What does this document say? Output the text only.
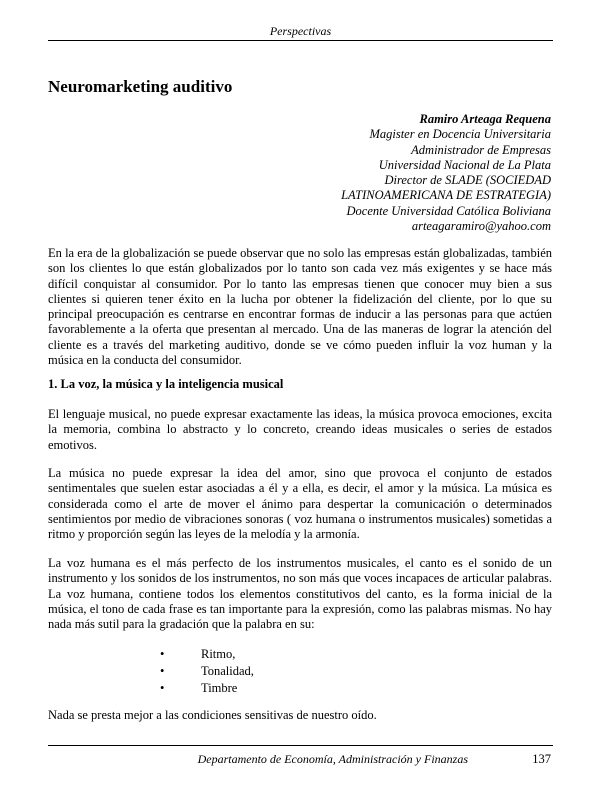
Perspectivas
Neuromarketing auditivo
Ramiro Arteaga Requena
Magister en Docencia Universitaria
Administrador de Empresas
Universidad Nacional de La Plata
Director de SLADE (SOCIEDAD
LATINOAMERICANA DE ESTRATEGIA)
Docente Universidad Católica Boliviana
arteagaramiro@yahoo.com

En la era de la globalización se puede observar que no solo las empresas están globalizadas, también son los clientes lo que están globalizados por lo tanto son cada vez más exigentes y se hace más difícil conquistar al consumidor. Por lo tanto las empresas tienen que conocer muy bien a sus clientes si quieren tener éxito en la lucha por obtener la fidelización del cliente, por lo que su principal preocupación es centrarse en encontrar formas de inducir a las personas para que actúen favorablemente a la oferta que presentan al mercado. Una de las maneras de lograr la atención del cliente es a través del marketing auditivo, donde se ve cómo pueden influir la voz human y la música en la conducta del consumidor.

1. La voz, la música y la inteligencia musical

El lenguaje musical, no puede expresar exactamente las ideas, la música provoca emociones, excita la memoria, combina lo abstracto y lo concreto, creando ideas musicales o series de estados emotivos.

La música no puede expresar la idea del amor, sino que provoca el conjunto de estados sentimentales que suelen estar asociadas a él y a ella, es decir, el amor y la música. La música es considerada como el arte de mover el ánimo para despertar la comunicación o determinados sentimientos por medio de vibraciones sonoras ( voz humana o instrumentos musicales) sometidas a ritmo y proporción según las leyes de la melodía y la armonía.

La voz humana es el más perfecto de los instrumentos musicales, el canto es el sonido de un instrumento y los sonidos de los instrumentos, no son más que voces incapaces de articular palabras. La voz humana, contiene todos los elementos constitutivos del canto, es la forma inicial de la música, el tono de cada frase es tan importante para la expresión, como las palabras mismas. No hay nada más sutil para la gradación que la palabra en su:

•	Ritmo,
•	Tonalidad,
•	Timbre

Nada se presta mejor a las condiciones sensitivas de nuestro oído.

Departamento de Economía, Administración y Finanzas	137
